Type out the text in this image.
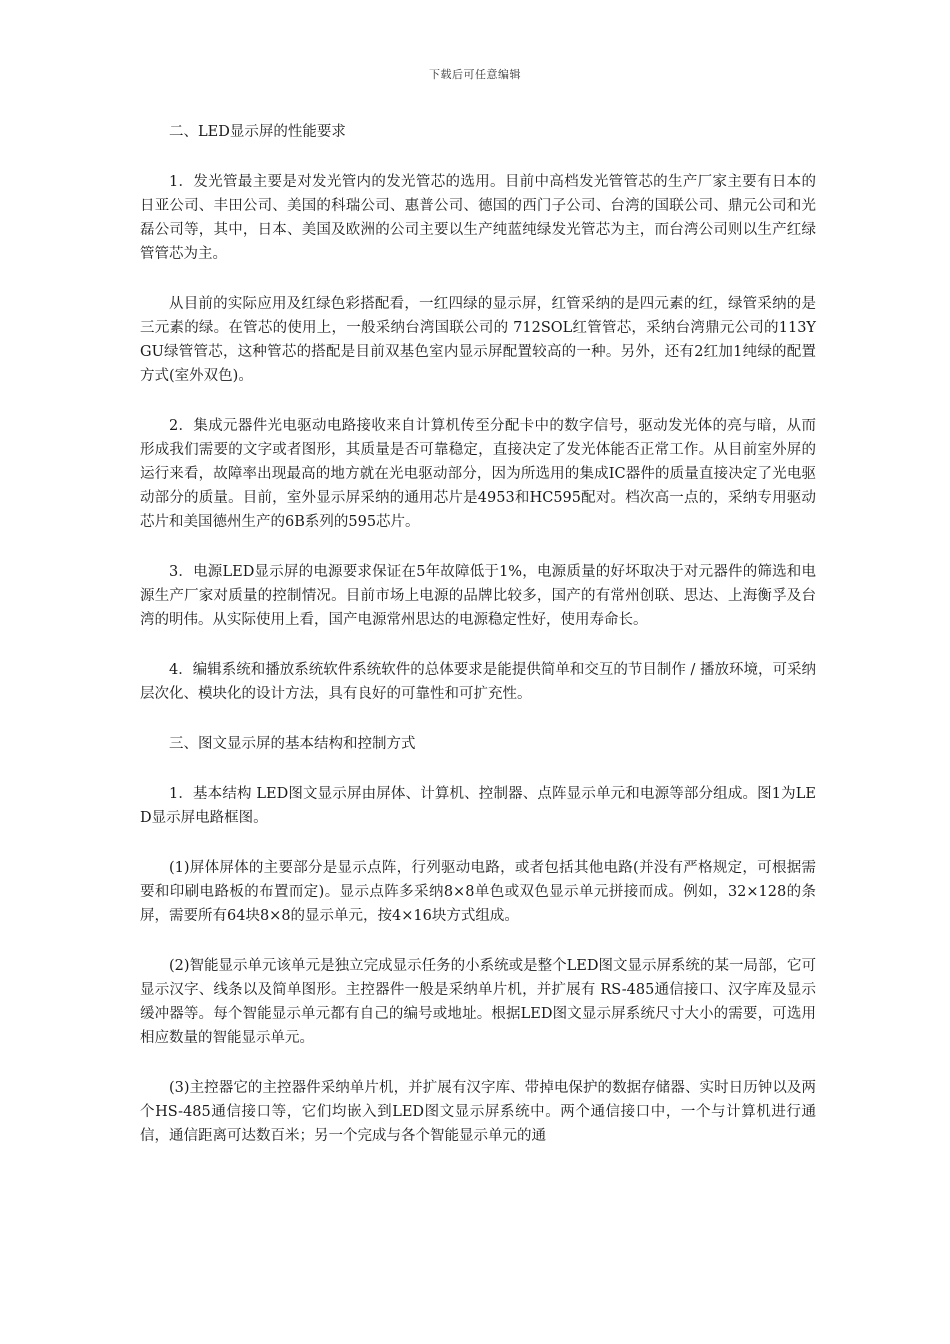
下载后可任意编辑

二、LED显示屏的性能要求

1．发光管最主要是对发光管内的发光管芯的选用。目前中高档发光管管芯的生产厂家主要有日本的日亚公司、丰田公司、美国的科瑞公司、惠普公司、德国的西门子公司、台湾的国联公司、鼎元公司和光磊公司等，其中，日本、美国及欧洲的公司主要以生产纯蓝纯绿发光管芯为主，而台湾公司则以生产红绿管管芯为主。

从目前的实际应用及红绿色彩搭配看，一红四绿的显示屏，红管采纳的是四元素的红，绿管采纳的是三元素的绿。在管芯的使用上，一般采纳台湾国联公司的 712SOL红管管芯，采纳台湾鼎元公司的113YGU绿管管芯，这种管芯的搭配是目前双基色室内显示屏配置较高的一种。另外，还有2红加1纯绿的配置方式(室外双色)。

2．集成元器件光电驱动电路接收来自计算机传至分配卡中的数字信号，驱动发光体的亮与暗，从而形成我们需要的文字或者图形，其质量是否可靠稳定，直接决定了发光体能否正常工作。从目前室外屏的运行来看，故障率出现最高的地方就在光电驱动部分，因为所选用的集成IC器件的质量直接决定了光电驱动部分的质量。目前，室外显示屏采纳的通用芯片是4953和HC595配对。档次高一点的，采纳专用驱动芯片和美国德州生产的6B系列的595芯片。

3．电源LED显示屏的电源要求保证在5年故障低于1%，电源质量的好坏取决于对元器件的筛选和电源生产厂家对质量的控制情况。目前市场上电源的品牌比较多，国产的有常州创联、思达、上海衡孚及台湾的明伟。从实际使用上看，国产电源常州思达的电源稳定性好，使用寿命长。

4．编辑系统和播放系统软件系统软件的总体要求是能提供简单和交互的节目制作 / 播放环境，可采纳层次化、模块化的设计方法，具有良好的可靠性和可扩充性。

三、图文显示屏的基本结构和控制方式

1．基本结构 LED图文显示屏由屏体、计算机、控制器、点阵显示单元和电源等部分组成。图1为LED显示屏电路框图。

(1)屏体屏体的主要部分是显示点阵，行列驱动电路，或者包括其他电路(并没有严格规定，可根据需要和印刷电路板的布置而定)。显示点阵多采纳8×8单色或双色显示单元拼接而成。例如，32×128的条屏，需要所有64块8×8的显示单元，按4×16块方式组成。

(2)智能显示单元该单元是独立完成显示任务的小系统或是整个LED图文显示屏系统的某一局部，它可显示汉字、线条以及简单图形。主控器件一般是采纳单片机，并扩展有 RS-485通信接口、汉字库及显示缓冲器等。每个智能显示单元都有自己的编号或地址。根据LED图文显示屏系统尺寸大小的需要，可选用相应数量的智能显示单元。

(3)主控器它的主控器件采纳单片机，并扩展有汉字库、带掉电保护的数据存储器、实时日历钟以及两个HS-485通信接口等，它们均嵌入到LED图文显示屏系统中。两个通信接口中，一个与计算机进行通信，通信距离可达数百米；另一个完成与各个智能显示单元的通
